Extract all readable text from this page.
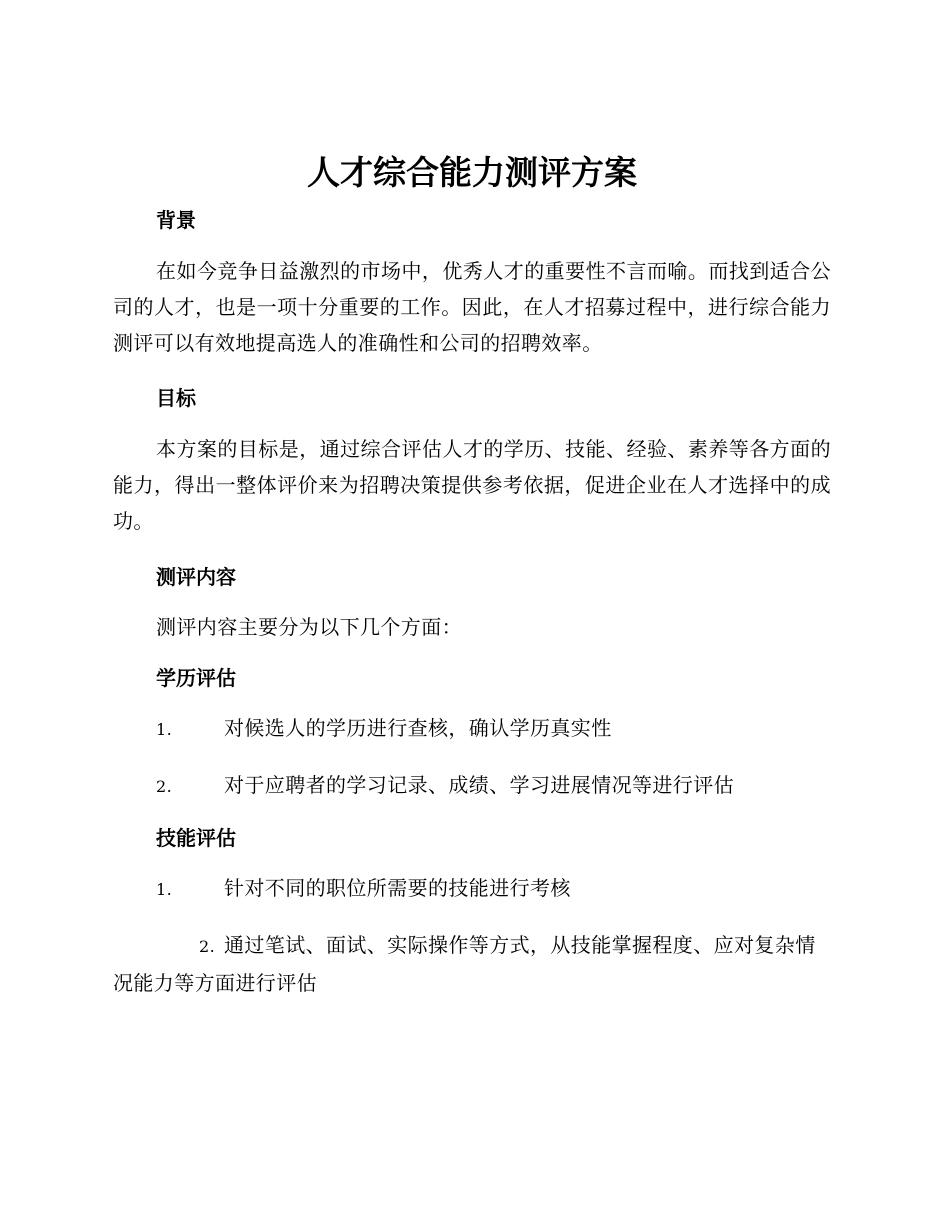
人才综合能力测评方案

背景

在如今竞争日益激烈的市场中，优秀人才的重要性不言而喻。而找到适合公司的人才，也是一项十分重要的工作。因此，在人才招募过程中，进行综合能力测评可以有效地提高选人的准确性和公司的招聘效率。

目标

本方案的目标是，通过综合评估人才的学历、技能、经验、素养等各方面的能力，得出一整体评价来为招聘决策提供参考依据，促进企业在人才选择中的成功。

测评内容

测评内容主要分为以下几个方面：

学历评估

1.	对候选人的学历进行查核，确认学历真实性

2.	对于应聘者的学习记录、成绩、学习进展情况等进行评估

技能评估

1.	针对不同的职位所需要的技能进行考核

2. 通过笔试、面试、实际操作等方式，从技能掌握程度、应对复杂情况能力等方面进行评估
